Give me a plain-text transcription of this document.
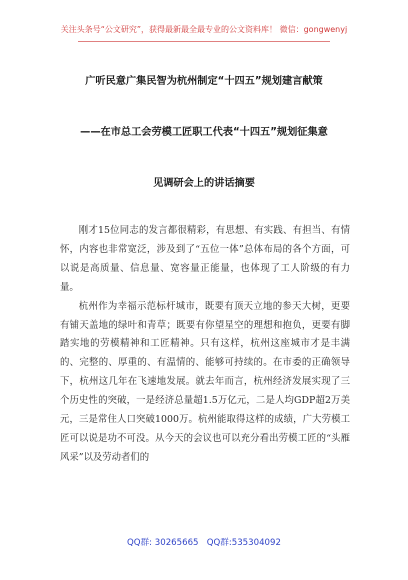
关注头条号“公文研究”，获得最新最全最专业的公文资料库！ 微信：gongwenyj
广听民意广集民智为杭州制定“十四五”规划建言献策
——在市总工会劳模工匠职工代表“十四五”规划征集意
见调研会上的讲话摘要

刚才15位同志的发言都很精彩，有思想、有实践、有担当、有情怀，内容也非常宽泛，涉及到了“五位一体”总体布局的各个方面，可以说是高质量、信息量、宽容量正能量，也体现了工人阶级的有力量。

杭州作为幸福示范标杆城市，既要有顶天立地的参天大树，更要有铺天盖地的绿叶和青草；既要有你望星空的理想和抱负，更要有脚踏实地的劳模精神和工匠精神。只有这样，杭州这座城市才是丰满的、完整的、厚重的、有温情的、能够可持续的。在市委的正确领导下，杭州这几年在飞速地发展。就去年而言，杭州经济发展实现了三个历史性的突破，一是经济总量超1.5万亿元，二是人均GDP超2万美元，三是常住人口突破1000万。杭州能取得这样的成绩，广大劳模工匠可以说是功不可没。从今天的会议也可以充分看出劳模工匠的“头雁风采”以及劳动者们的

QQ群: 30265665   QQ群:535304092
